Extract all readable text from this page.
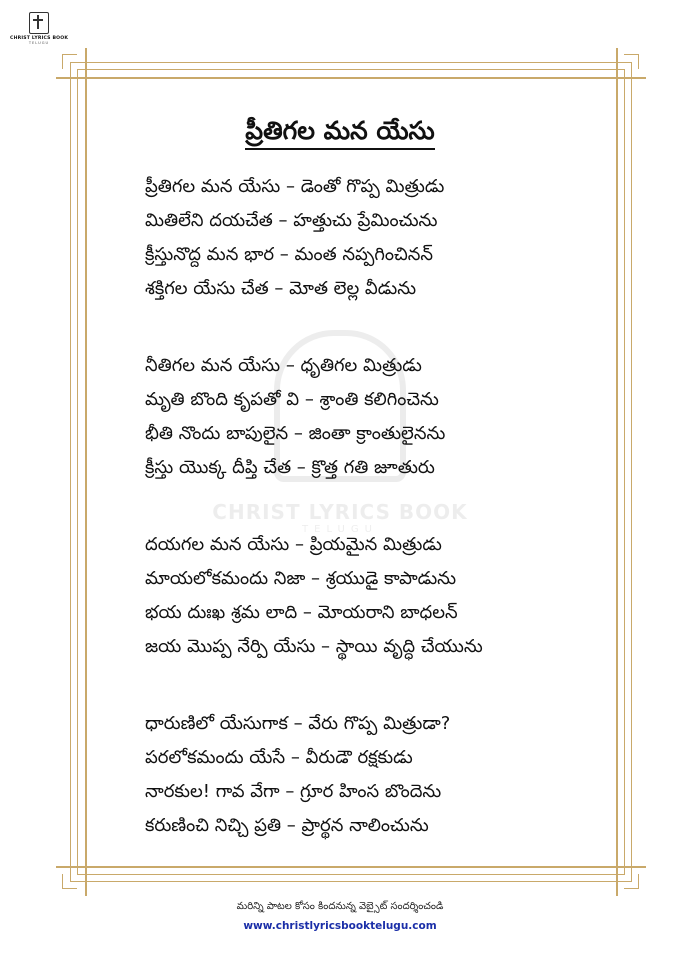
CHRIST LYRICS BOOK
TELUGU
CHRIST LYRICS BOOK
TELUGU
ప్రీతిగల మన యేసు
ప్రీతిగల మన యేసు – డెంతో గొప్ప మిత్రుడు
మితిలేని దయచేత – హత్తుచు ప్రేమించును
క్రీస్తునొద్ద మన భార – మంత నప్పగించినన్
శక్తిగల యేసు చేత – మోత లెల్ల వీడును
నీతిగల మన యేసు – ధృతిగల మిత్రుడు
మృతి బొంది కృపతో వి – శ్రాంతి కలిగించెను
భీతి నొందు బాపులైన – జింతా క్రాంతులైనను
క్రీస్తు యొక్క దీప్తి చేత – క్రొత్త గతి జూతురు
దయగల మన యేసు – ప్రియమైన మిత్రుడు
మాయలోకమందు నిజా – శ్రయుడై కాపాడును
భయ దుఃఖ శ్రమ లాది – మోయరాని బాధలన్
జయ మొప్ప నేర్పి యేసు – స్థాయి వృద్ధి చేయును
ధారుణిలో యేసుగాక – వేరు గొప్ప మిత్రుడా?
పరలోకమందు యేసే – వీరుడౌ రక్షకుడు
నారకుల! గావ వేగా – గ్రూర హింస బొందెను
కరుణించి నిచ్చి ప్రతి – ప్రార్థన నాలించును
మరిన్ని పాటల కోసం కిందనున్న వెబ్సైట్ సందర్శించండి
www.christlyricsbooktelugu.com
